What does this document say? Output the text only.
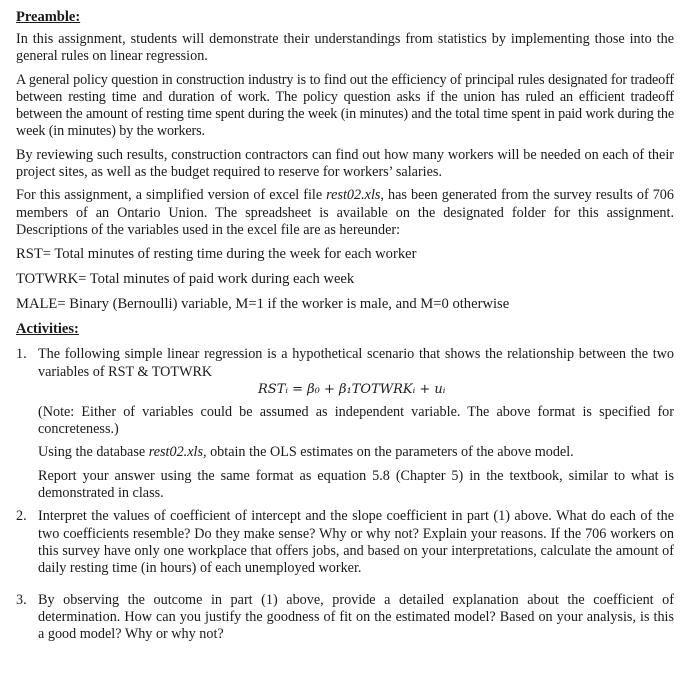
Preamble:

In this assignment, students will demonstrate their understandings from statistics by implementing those into the general rules on linear regression.

A general policy question in construction industry is to find out the efficiency of principal rules designated for tradeoff between resting time and duration of work. The policy question asks if the union has ruled an efficient tradeoff between the amount of resting time spent during the week (in minutes) and the total time spent in paid work during the week (in minutes) by the workers.

By reviewing such results, construction contractors can find out how many workers will be needed on each of their project sites, as well as the budget required to reserve for workers’ salaries.

For this assignment, a simplified version of excel file rest02.xls, has been generated from the survey results of 706 members of an Ontario Union. The spreadsheet is available on the designated folder for this assignment. Descriptions of the variables used in the excel file are as hereunder:

RST= Total minutes of resting time during the week for each worker
TOTWRK= Total minutes of paid work during each week
MALE= Binary (Bernoulli) variable, M=1 if the worker is male, and M=0 otherwise
Activities:
1. The following simple linear regression is a hypothetical scenario that shows the relationship between the two variables of RST & TOTWRK

RSTᵢ = β₀ + β₁TOTWRKᵢ + uᵢ

(Note: Either of variables could be assumed as independent variable. The above format is specified for concreteness.)

Using the database rest02.xls, obtain the OLS estimates on the parameters of the above model.

Report your answer using the same format as equation 5.8 (Chapter 5) in the textbook, similar to what is demonstrated in class.

2. Interpret the values of coefficient of intercept and the slope coefficient in part (1) above. What do each of the two coefficients resemble? Do they make sense? Why or why not? Explain your reasons. If the 706 workers on this survey have only one workplace that offers jobs, and based on your interpretations, calculate the amount of daily resting time (in hours) of each unemployed worker.

3. By observing the outcome in part (1) above, provide a detailed explanation about the coefficient of determination. How can you justify the goodness of fit on the estimated model? Based on your analysis, is this a good model? Why or why not?
